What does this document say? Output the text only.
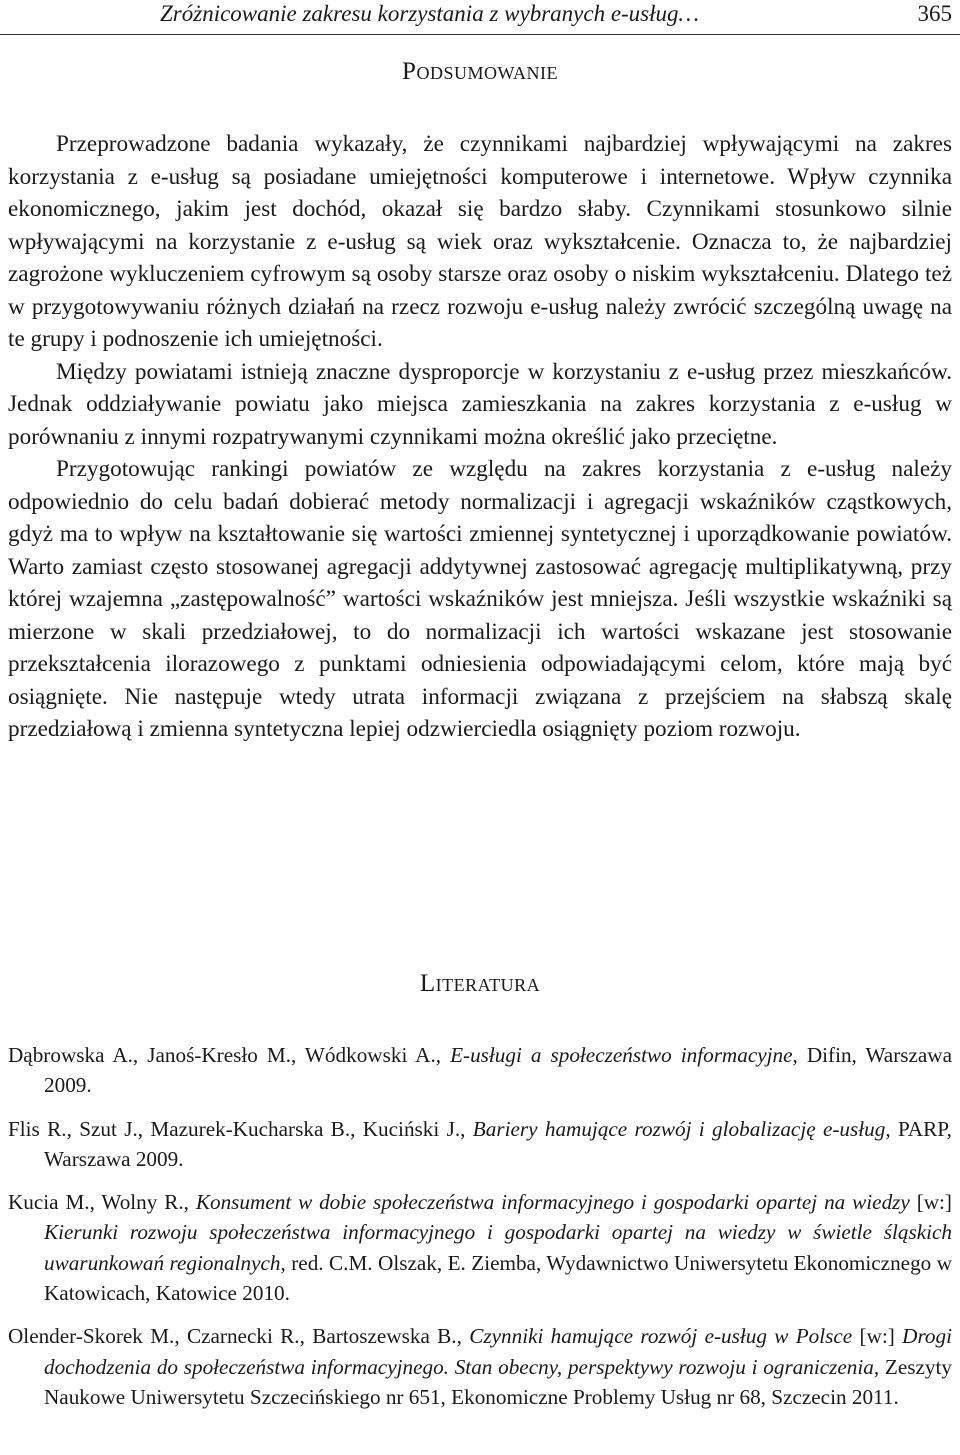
Zróżnicowanie zakresu korzystania z wybranych e-usług…	365
Podsumowanie

Przeprowadzone badania wykazały, że czynnikami najbardziej wpływającymi na zakres korzystania z e-usług są posiadane umiejętności komputerowe i internetowe. Wpływ czynnika ekonomicznego, jakim jest dochód, okazał się bardzo słaby. Czynnikami stosunkowo silnie wpływającymi na korzystanie z e-usług są wiek oraz wykształcenie. Oznacza to, że najbardziej zagrożone wykluczeniem cyfrowym są osoby starsze oraz osoby o niskim wykształceniu. Dlatego też w przygotowywaniu różnych działań na rzecz rozwoju e-usług należy zwrócić szczególną uwagę na te grupy i podnoszenie ich umiejętności.

Między powiatami istnieją znaczne dysproporcje w korzystaniu z e-usług przez mieszkańców. Jednak oddziaływanie powiatu jako miejsca zamieszkania na zakres korzystania z e-usług w porównaniu z innymi rozpatrywanymi czynnikami można określić jako przeciętne.

Przygotowując rankingi powiatów ze względu na zakres korzystania z e-usług należy odpowiednio do celu badań dobierać metody normalizacji i agregacji wskaźników cząstkowych, gdyż ma to wpływ na kształtowanie się wartości zmiennej syntetycznej i uporządkowanie powiatów. Warto zamiast często stosowanej agregacji addytywnej zastosować agregację multiplikatywną, przy której wzajemna „zastępowalność” wartości wskaźników jest mniejsza. Jeśli wszystkie wskaźniki są mierzone w skali przedziałowej, to do normalizacji ich wartości wskazane jest stosowanie przekształcenia ilorazowego z punktami odniesienia odpowiadającymi celom, które mają być osiągnięte. Nie następuje wtedy utrata informacji związana z przejściem na słabszą skalę przedziałową i zmienna syntetyczna lepiej odzwierciedla osiągnięty poziom rozwoju.

Literatura

Dąbrowska A., Janoś-Kresło M., Wódkowski A., E-usługi a społeczeństwo informacyjne, Difin, Warszawa 2009.

Flis R., Szut J., Mazurek-Kucharska B., Kuciński J., Bariery hamujące rozwój i globalizację e-usług, PARP, Warszawa 2009.

Kucia M., Wolny R., Konsument w dobie społeczeństwa informacyjnego i gospodarki opartej na wiedzy [w:] Kierunki rozwoju społeczeństwa informacyjnego i gospodarki opartej na wiedzy w świetle śląskich uwarunkowań regionalnych, red. C.M. Olszak, E. Ziemba, Wydawnictwo Uniwersytetu Ekonomicznego w Katowicach, Katowice 2010.

Olender-Skorek M., Czarnecki R., Bartoszewska B., Czynniki hamujące rozwój e-usług w Polsce [w:] Drogi dochodzenia do społeczeństwa informacyjnego. Stan obecny, perspektywy rozwoju i ograniczenia, Zeszyty Naukowe Uniwersytetu Szczecińskiego nr 651, Ekonomiczne Problemy Usług nr 68, Szczecin 2011.
